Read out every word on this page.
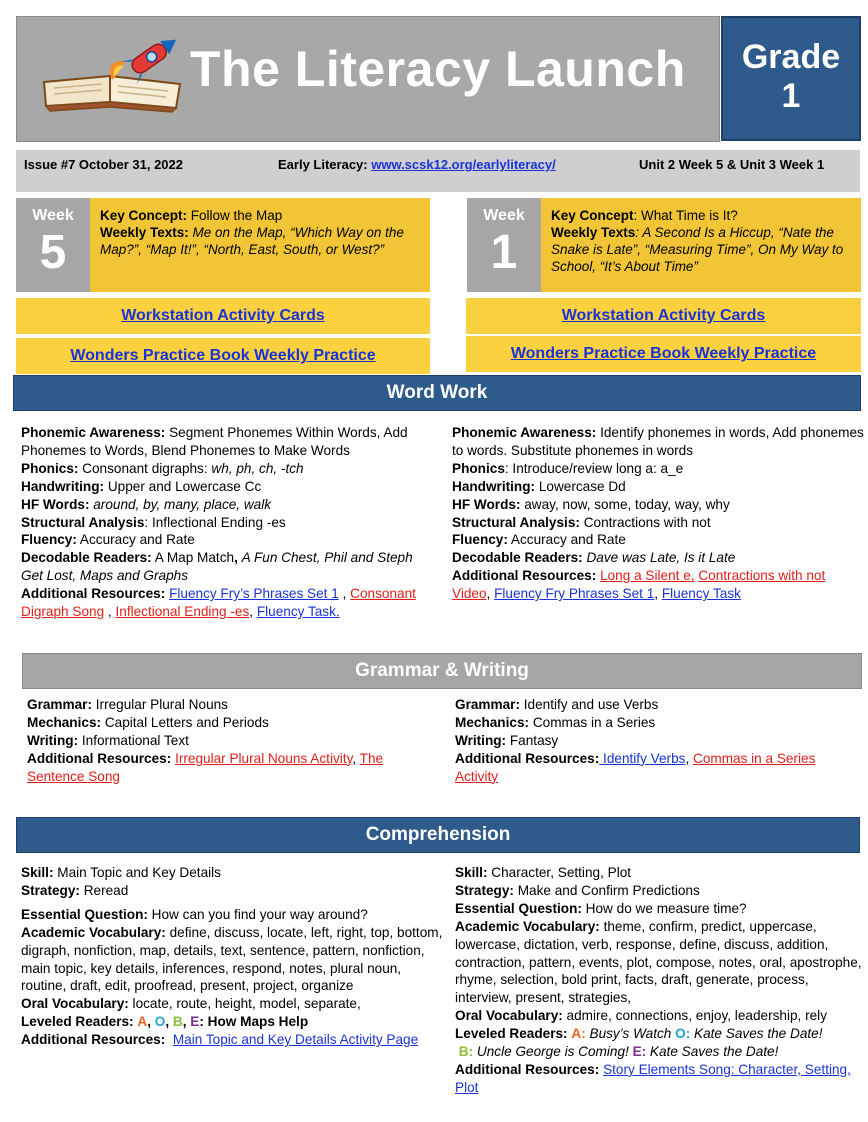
The Literacy Launch	Grade
1
Issue #7 October 31, 2022	Early Literacy: www.scsk12.org/earlyliteracy/	Unit 2 Week 5 & Unit 3 Week 1
Week
5
Key Concept: Follow the Map
Weekly Texts: Me on the Map, “Which Way on the Map?”, “Map It!”, “North, East, South, or West?”
Week
1
Key Concept: What Time is It?
Weekly Texts: A Second Is a Hiccup, “Nate the Snake is Late”, “Measuring Time”, On My Way to School, “It’s About Time”
Workstation Activity Cards	Workstation Activity Cards
Wonders Practice Book Weekly Practice	Wonders Practice Book Weekly Practice
Word Work

Phonemic Awareness: Segment Phonemes Within Words, Add Phonemes to Words, Blend Phonemes to Make Words

Phonics: Consonant digraphs: wh, ph, ch, -tch

Handwriting: Upper and Lowercase Cc

HF Words: around, by, many, place, walk

Structural Analysis: Inflectional Ending -es

Fluency: Accuracy and Rate

Decodable Readers: A Map Match, A Fun Chest, Phil and Steph Get Lost, Maps and Graphs

Additional Resources: Fluency Fry’s Phrases Set 1 , Consonant Digraph Song , Inflectional Ending -es, Fluency Task.

Phonemic Awareness: Identify phonemes in words, Add phonemes to words. Substitute phonemes in words

Phonics: Introduce/review long a: a_e

Handwriting: Lowercase Dd

HF Words: away, now, some, today, way, why

Structural Analysis: Contractions with not

Fluency: Accuracy and Rate

Decodable Readers: Dave was Late, Is it Late

Additional Resources: Long a Silent e, Contractions with not Video, Fluency Fry Phrases Set 1, Fluency Task

Grammar & Writing

Grammar: Irregular Plural Nouns

Mechanics: Capital Letters and Periods

Writing: Informational Text

Additional Resources: Irregular Plural Nouns Activity, The Sentence Song

Grammar: Identify and use Verbs

Mechanics: Commas in a Series

Writing: Fantasy

Additional Resources: Identify Verbs, Commas in a Series Activity

Comprehension

Skill: Main Topic and Key Details

Strategy: Reread

Essential Question: How can you find your way around?

Academic Vocabulary: define, discuss, locate, left, right, top, bottom, digraph, nonfiction, map, details, text, sentence, pattern, nonfiction, main topic, key details, inferences, respond, notes, plural noun, routine, draft, edit, proofread, present, project, organize

Oral Vocabulary: locate, route, height, model, separate,

Leveled Readers: A, O, B, E: How Maps Help

Additional Resources:  Main Topic and Key Details Activity Page

Skill: Character, Setting, Plot

Strategy: Make and Confirm Predictions

Essential Question: How do we measure time?

Academic Vocabulary: theme, confirm, predict, uppercase, lowercase, dictation, verb, response, define, discuss, addition, contraction, pattern, events, plot, compose, notes, oral, apostrophe, rhyme, selection, bold print, facts, draft, generate, process, interview, present, strategies,

Oral Vocabulary: admire, connections, enjoy, leadership, rely

Leveled Readers: A: Busy’s Watch O: Kate Saves the Date!

B: Uncle George is Coming! E: Kate Saves the Date!

Additional Resources: Story Elements Song: Character, Setting, Plot
